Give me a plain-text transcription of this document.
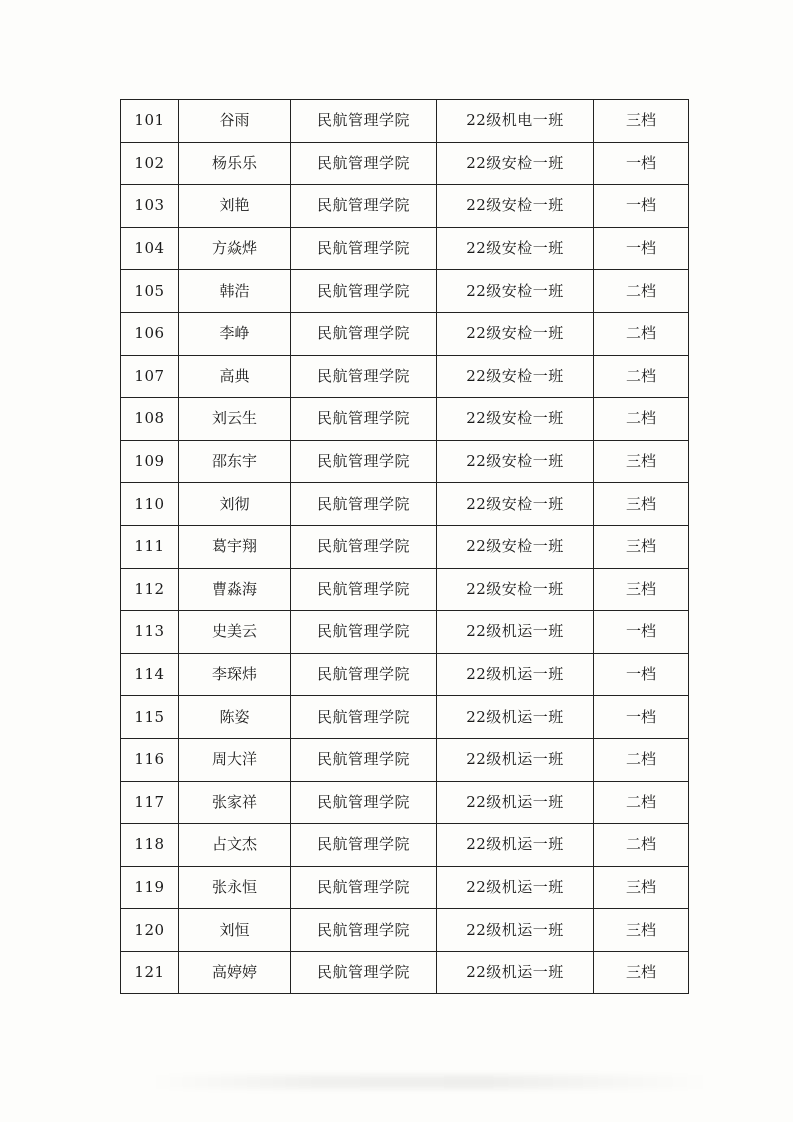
101	谷雨	民航管理学院	22级机电一班	三档
102	杨乐乐	民航管理学院	22级安检一班	一档
103	刘艳	民航管理学院	22级安检一班	一档
104	方焱烨	民航管理学院	22级安检一班	一档
105	韩浩	民航管理学院	22级安检一班	二档
106	李峥	民航管理学院	22级安检一班	二档
107	高典	民航管理学院	22级安检一班	二档
108	刘云生	民航管理学院	22级安检一班	二档
109	邵东宇	民航管理学院	22级安检一班	三档
110	刘彻	民航管理学院	22级安检一班	三档
111	葛宇翔	民航管理学院	22级安检一班	三档
112	曹淼海	民航管理学院	22级安检一班	三档
113	史美云	民航管理学院	22级机运一班	一档
114	李琛炜	民航管理学院	22级机运一班	一档
115	陈姿	民航管理学院	22级机运一班	一档
116	周大洋	民航管理学院	22级机运一班	二档
117	张家祥	民航管理学院	22级机运一班	二档
118	占文杰	民航管理学院	22级机运一班	二档
119	张永恒	民航管理学院	22级机运一班	三档
120	刘恒	民航管理学院	22级机运一班	三档
121	高婷婷	民航管理学院	22级机运一班	三档
